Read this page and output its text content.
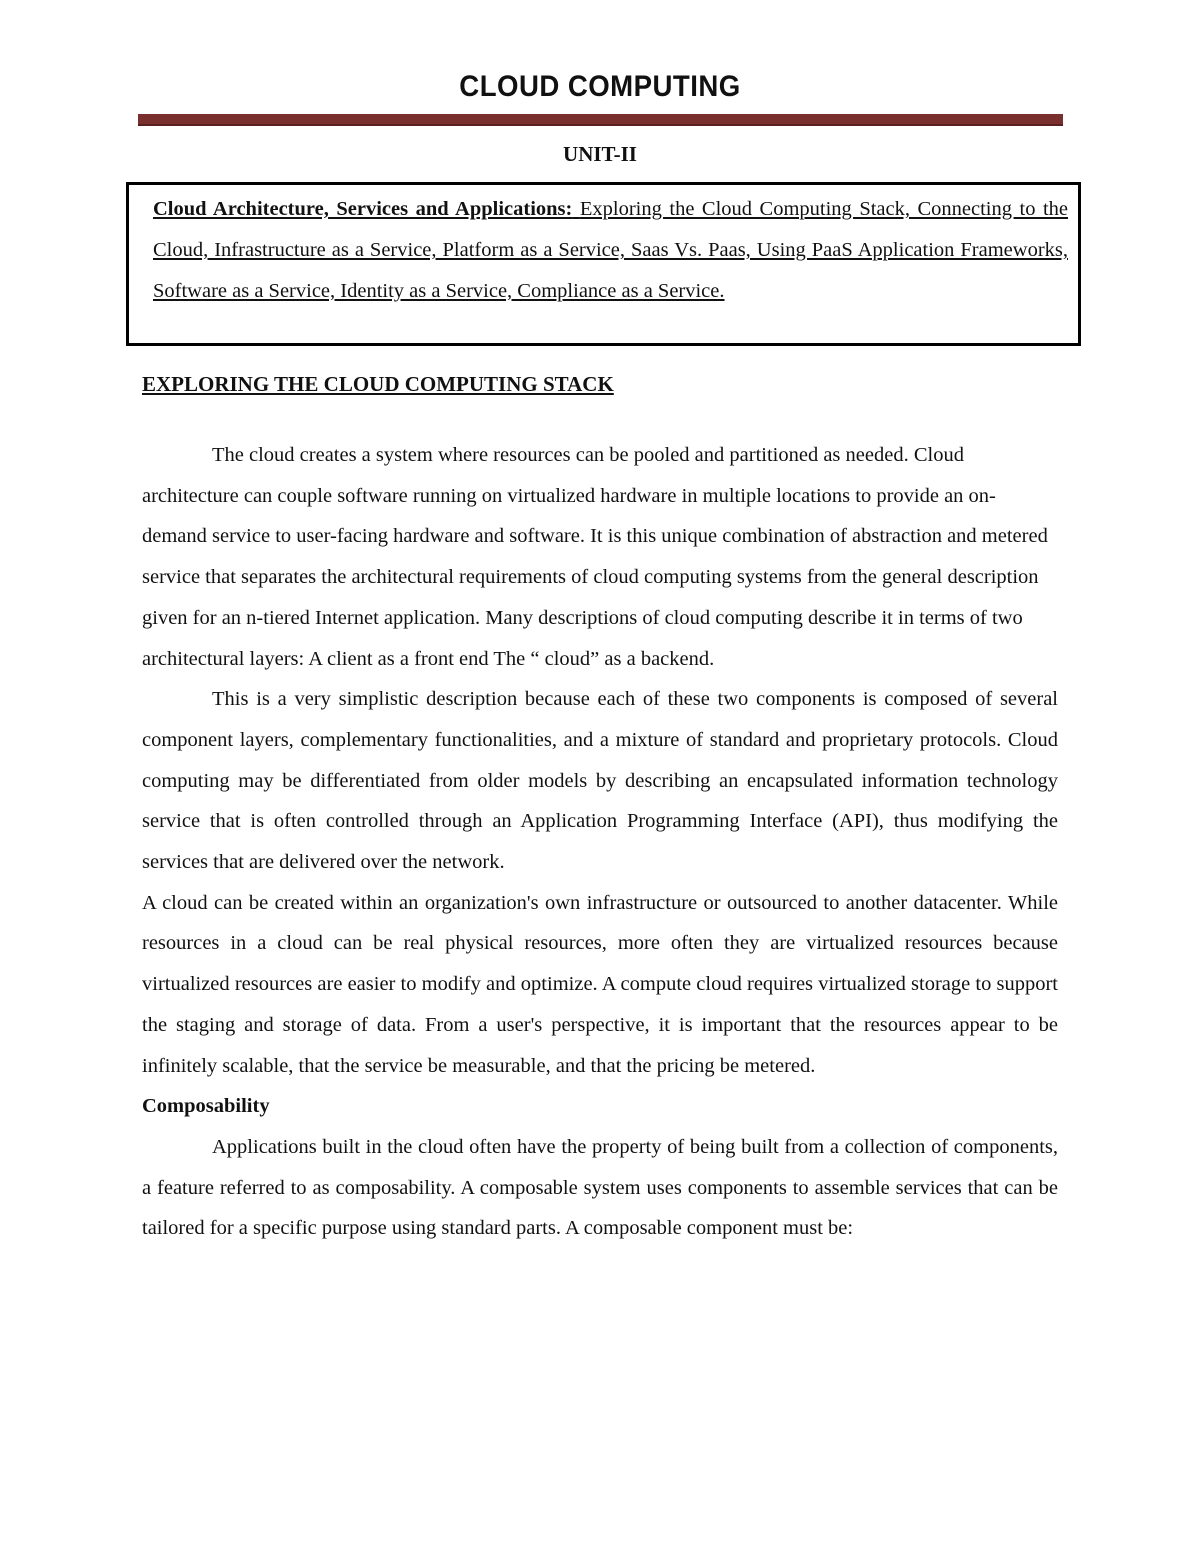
CLOUD COMPUTING
UNIT-II

Cloud Architecture, Services and Applications: Exploring the Cloud Computing Stack, Connecting to the Cloud, Infrastructure as a Service, Platform as a Service, Saas Vs. Paas, Using PaaS Application Frameworks, Software as a Service, Identity as a Service, Compliance as a Service.

EXPLORING THE CLOUD COMPUTING STACK

The cloud creates a system where resources can be pooled and partitioned as needed. Cloud architecture can couple software running on virtualized hardware in multiple locations to provide an on-demand service to user-facing hardware and software. It is this unique combination of abstraction and metered service that separates the architectural requirements of cloud computing systems from the general description given for an n-tiered Internet application. Many descriptions of cloud computing describe it in terms of two architectural layers: A client as a front end The “ cloud” as a backend.

This is a very simplistic description because each of these two components is composed of several component layers, complementary functionalities, and a mixture of standard and proprietary protocols. Cloud computing may be differentiated from older models by describing an encapsulated information technology service that is often controlled through an Application Programming Interface (API), thus modifying the services that are delivered over the network.

A cloud can be created within an organization's own infrastructure or outsourced to another datacenter. While resources in a cloud can be real physical resources, more often they are virtualized resources because virtualized resources are easier to modify and optimize. A compute cloud requires virtualized storage to support the staging and storage of data. From a user's perspective, it is important that the resources appear to be infinitely scalable, that the service be measurable, and that the pricing be metered.

Composability

Applications built in the cloud often have the property of being built from a collection of components, a feature referred to as composability. A composable system uses components to assemble services that can be tailored for a specific purpose using standard parts. A composable component must be:
